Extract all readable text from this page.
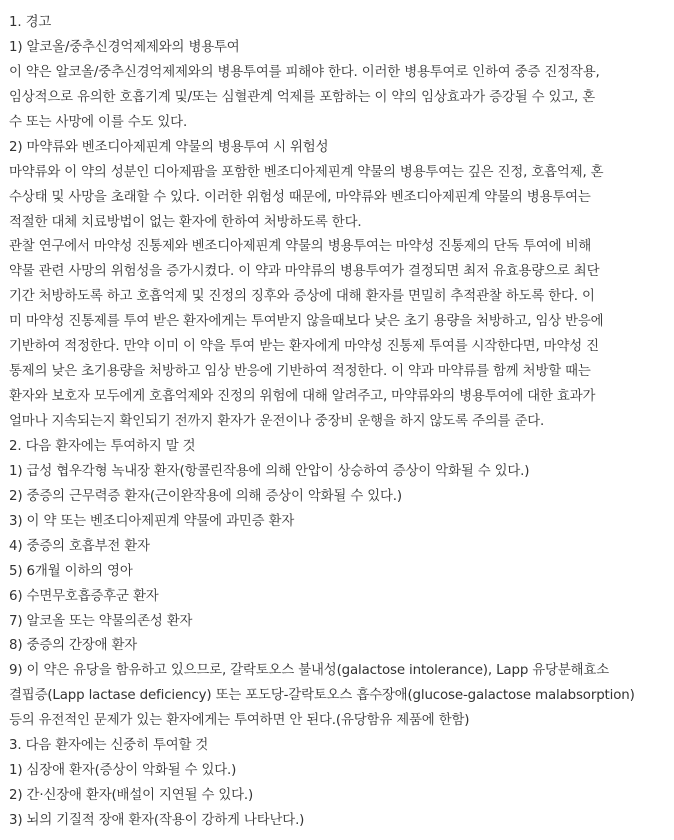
1. 경고
1) 알코올/중추신경억제제와의 병용투여
이 약은 알코올/중추신경억제제와의 병용투여를 피해야 한다. 이러한 병용투여로 인하여 중증 진정작용,
임상적으로 유의한 호흡기계 및/또는 심혈관계 억제를 포함하는 이 약의 임상효과가 증강될 수 있고, 혼
수 또는 사망에 이를 수도 있다.
2) 마약류와 벤조디아제핀계 약물의 병용투여 시 위험성
마약류와 이 약의 성분인 디아제팜을 포함한 벤조디아제핀계 약물의 병용투여는 깊은 진정, 호흡억제, 혼
수상태 및 사망을 초래할 수 있다. 이러한 위험성 때문에, 마약류와 벤조디아제핀계 약물의 병용투여는
적절한 대체 치료방법이 없는 환자에 한하여 처방하도록 한다.
관찰 연구에서 마약성 진통제와 벤조디아제핀계 약물의 병용투여는 마약성 진통제의 단독 투여에 비해
약물 관련 사망의 위험성을 증가시켰다. 이 약과 마약류의 병용투여가 결정되면 최저 유효용량으로 최단
기간 처방하도록 하고 호흡억제 및 진정의 징후와 증상에 대해 환자를 면밀히 추적관찰 하도록 한다. 이
미 마약성 진통제를 투여 받은 환자에게는 투여받지 않을때보다 낮은 초기 용량을 처방하고, 임상 반응에
기반하여 적정한다. 만약 이미 이 약을 투여 받는 환자에게 마약성 진통제 투여를 시작한다면, 마약성 진
통제의 낮은 초기용량을 처방하고 임상 반응에 기반하여 적정한다. 이 약과 마약류를 함께 처방할 때는
환자와 보호자 모두에게 호흡억제와 진정의 위험에 대해 알려주고, 마약류와의 병용투여에 대한 효과가
얼마나 지속되는지 확인되기 전까지 환자가 운전이나 중장비 운행을 하지 않도록 주의를 준다.
2. 다음 환자에는 투여하지 말 것
1) 급성 협우각형 녹내장 환자(항콜린작용에 의해 안압이 상승하여 증상이 악화될 수 있다.)
2) 중증의 근무력증 환자(근이완작용에 의해 증상이 악화될 수 있다.)
3) 이 약 또는 벤조디아제핀계 약물에 과민증 환자
4) 중증의 호흡부전 환자
5) 6개월 이하의 영아
6) 수면무호흡증후군 환자
7) 알코올 또는 약물의존성 환자
8) 중증의 간장애 환자
9) 이 약은 유당을 함유하고 있으므로, 갈락토오스 불내성(galactose intolerance), Lapp 유당분해효소
결핍증(Lapp lactase deficiency) 또는 포도당-갈락토오스 흡수장애(glucose-galactose malabsorption)
등의 유전적인 문제가 있는 환자에게는 투여하면 안 된다.(유당함유 제품에 한함)
3. 다음 환자에는 신중히 투여할 것
1) 심장애 환자(증상이 악화될 수 있다.)
2) 간·신장애 환자(배설이 지연될 수 있다.)
3) 뇌의 기질적 장애 환자(작용이 강하게 나타난다.)
